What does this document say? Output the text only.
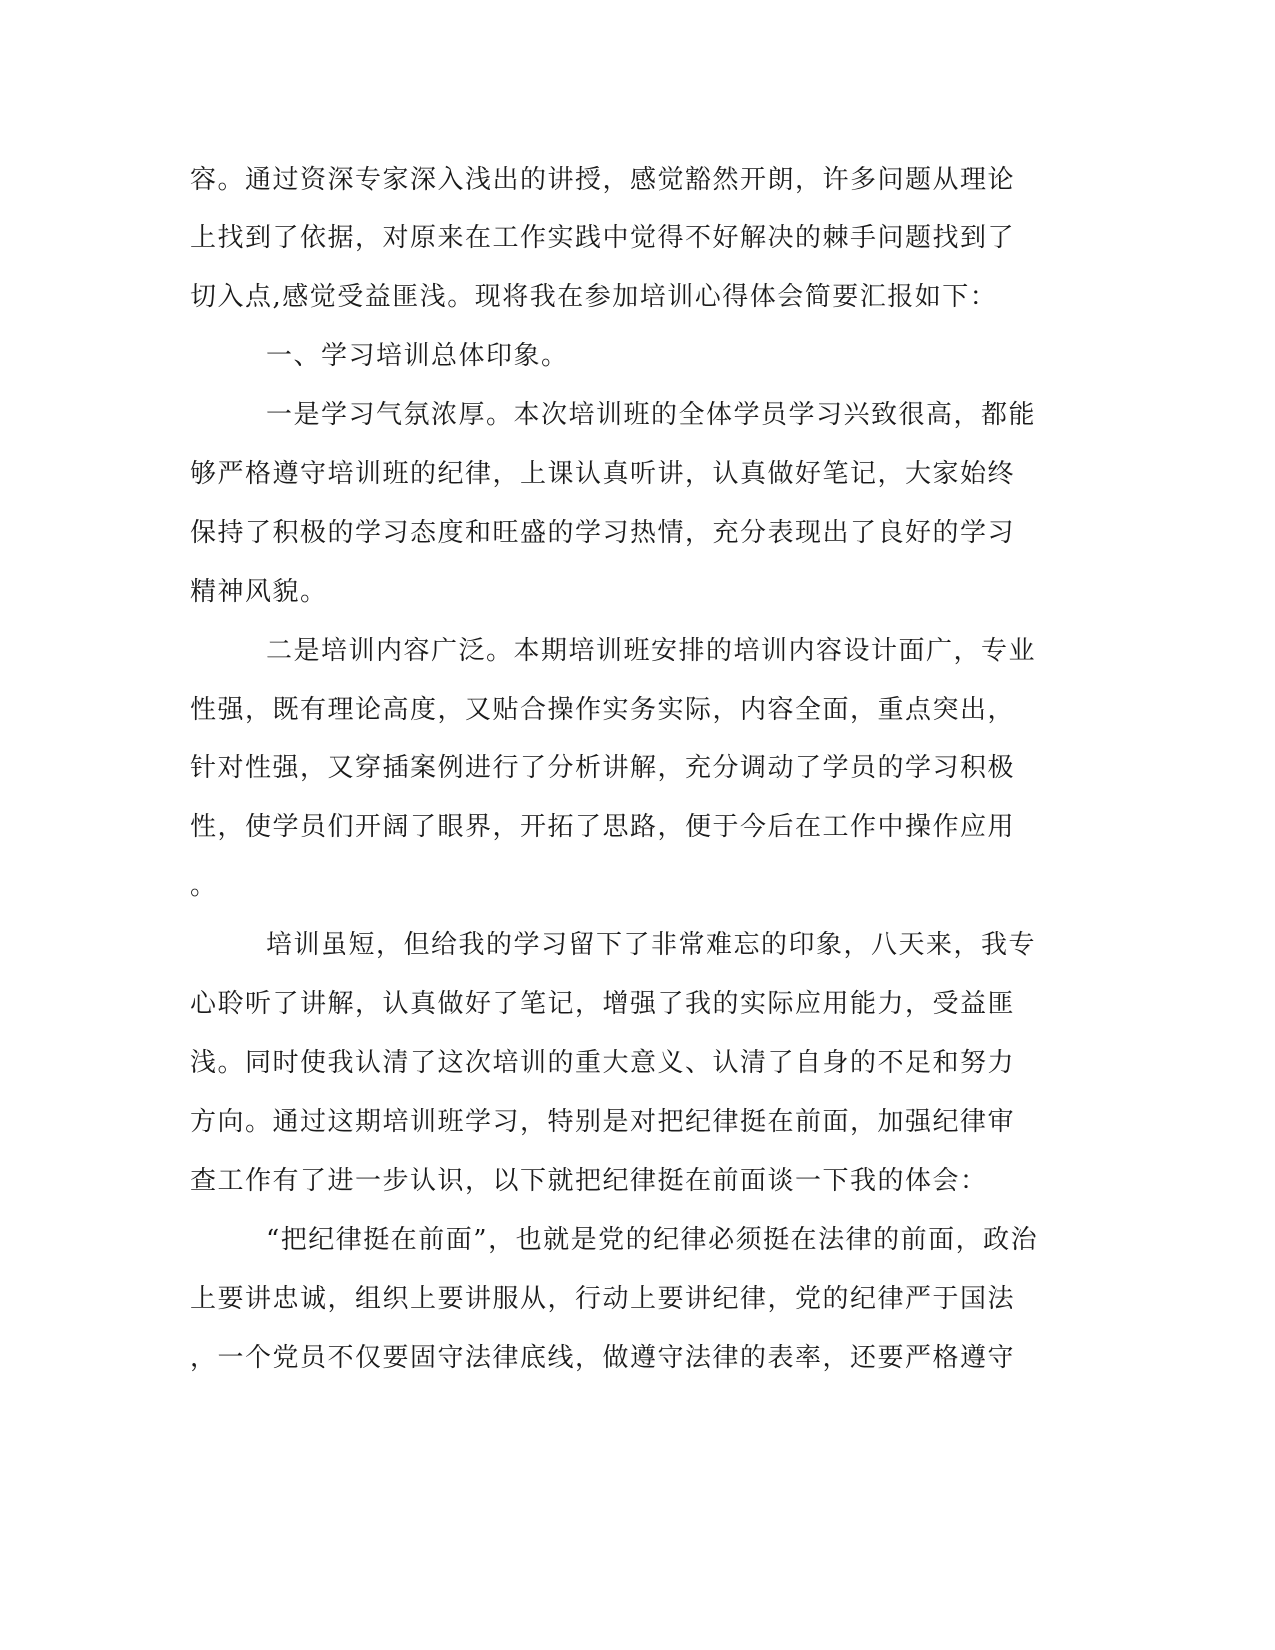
容。通过资深专家深入浅出的讲授，感觉豁然开朗，许多问题从理论
上找到了依据，对原来在工作实践中觉得不好解决的棘手问题找到了
切入点,感觉受益匪浅。现将我在参加培训心得体会简要汇报如下：
一、学习培训总体印象。
一是学习气氛浓厚。本次培训班的全体学员学习兴致很高，都能
够严格遵守培训班的纪律，上课认真听讲，认真做好笔记，大家始终
保持了积极的学习态度和旺盛的学习热情，充分表现出了良好的学习
精神风貌。
二是培训内容广泛。本期培训班安排的培训内容设计面广，专业
性强，既有理论高度，又贴合操作实务实际，内容全面，重点突出，
针对性强，又穿插案例进行了分析讲解，充分调动了学员的学习积极
性，使学员们开阔了眼界，开拓了思路，便于今后在工作中操作应用
。
培训虽短，但给我的学习留下了非常难忘的印象，八天来，我专
心聆听了讲解，认真做好了笔记，增强了我的实际应用能力，受益匪
浅。同时使我认清了这次培训的重大意义、认清了自身的不足和努力
方向。通过这期培训班学习，特别是对把纪律挺在前面，加强纪律审
查工作有了进一步认识，以下就把纪律挺在前面谈一下我的体会：
“把纪律挺在前面”，也就是党的纪律必须挺在法律的前面，政治
上要讲忠诚，组织上要讲服从，行动上要讲纪律，党的纪律严于国法
，一个党员不仅要固守法律底线，做遵守法律的表率，还要严格遵守
